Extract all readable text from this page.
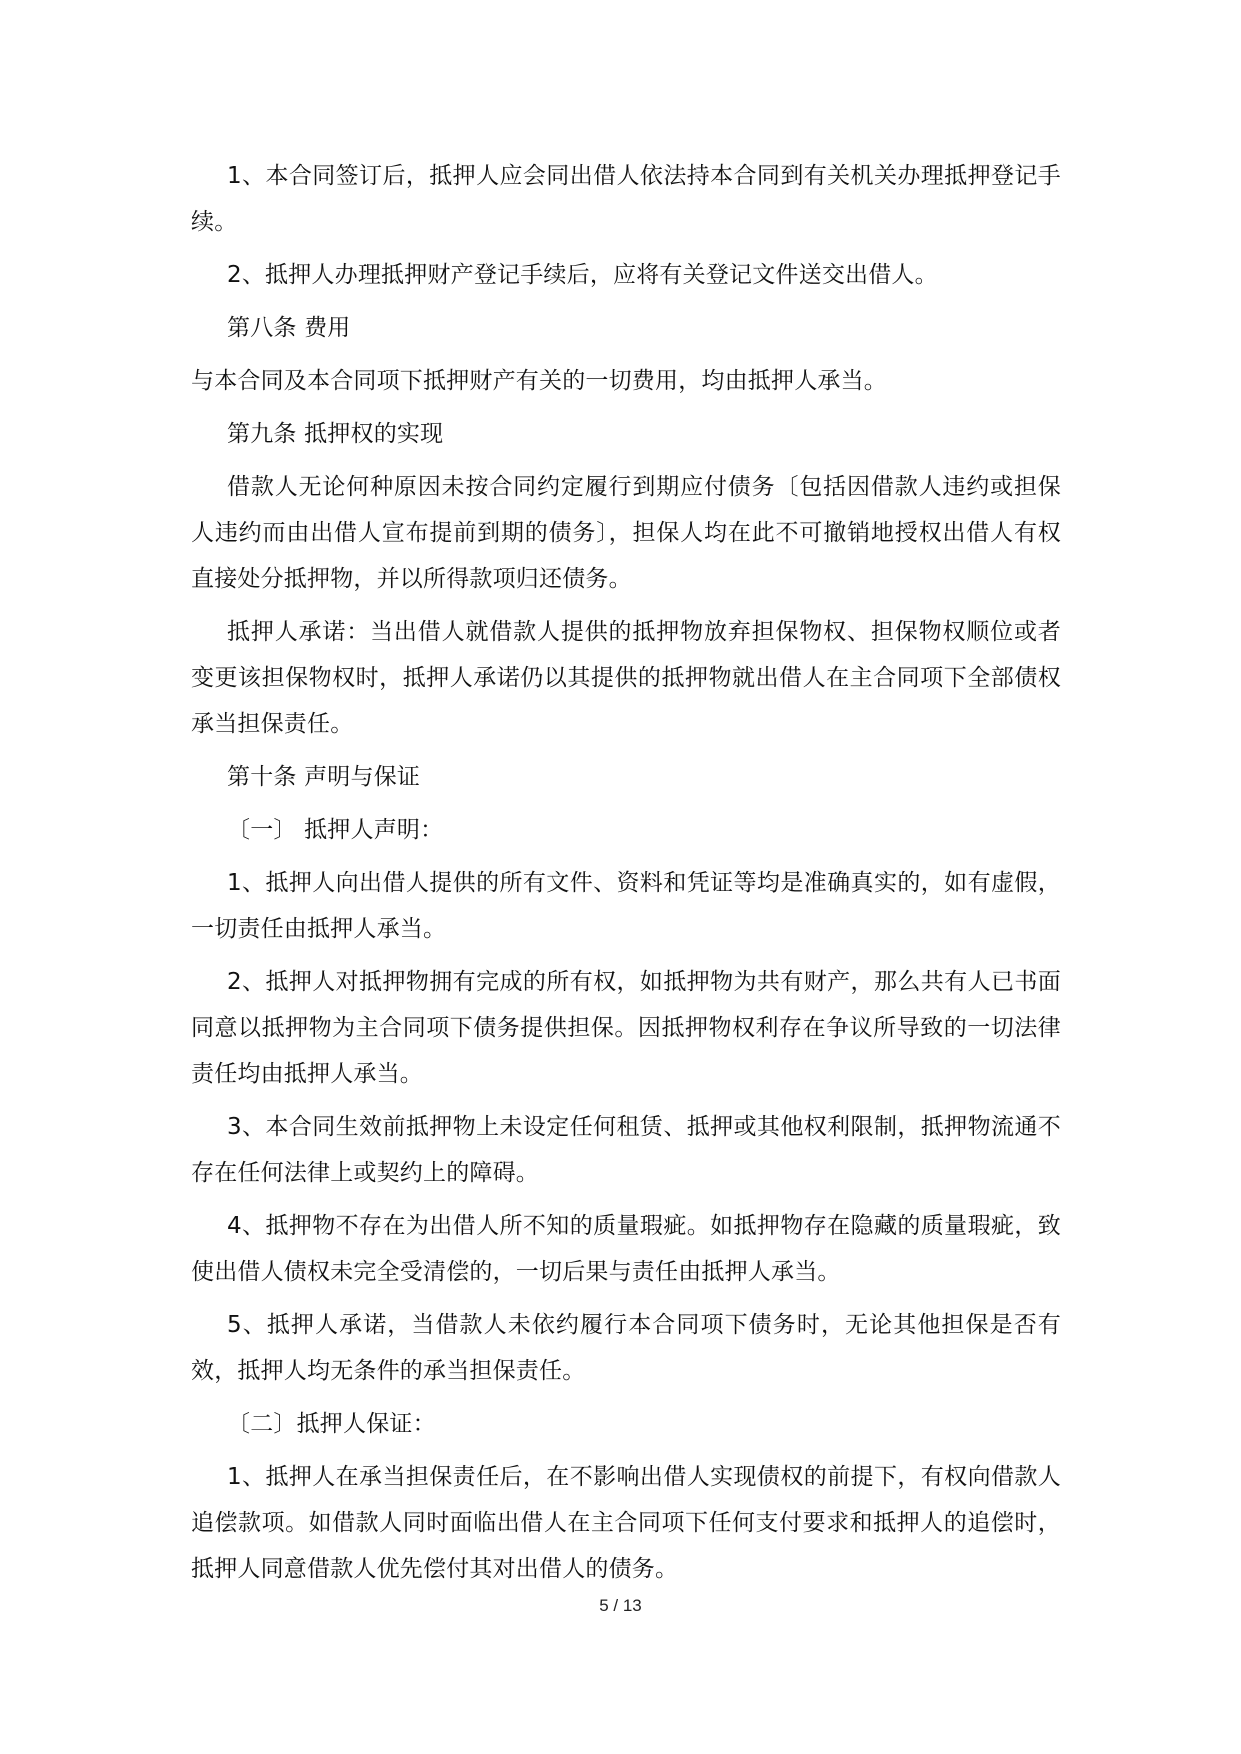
1、本合同签订后，抵押人应会同出借人依法持本合同到有关机关办理抵押登记手续。

2、抵押人办理抵押财产登记手续后，应将有关登记文件送交出借人。

第八条 费用

与本合同及本合同项下抵押财产有关的一切费用，均由抵押人承当。

第九条 抵押权的实现

借款人无论何种原因未按合同约定履行到期应付债务〔包括因借款人违约或担保人违约而由出借人宣布提前到期的债务〕，担保人均在此不可撤销地授权出借人有权直接处分抵押物，并以所得款项归还债务。

抵押人承诺：当出借人就借款人提供的抵押物放弃担保物权、担保物权顺位或者变更该担保物权时，抵押人承诺仍以其提供的抵押物就出借人在主合同项下全部债权承当担保责任。

第十条 声明与保证

〔一〕 抵押人声明：

1、抵押人向出借人提供的所有文件、资料和凭证等均是准确真实的，如有虚假，一切责任由抵押人承当。

2、抵押人对抵押物拥有完成的所有权，如抵押物为共有财产，那么共有人已书面同意以抵押物为主合同项下债务提供担保。因抵押物权利存在争议所导致的一切法律责任均由抵押人承当。

3、本合同生效前抵押物上未设定任何租赁、抵押或其他权利限制，抵押物流通不存在任何法律上或契约上的障碍。

4、抵押物不存在为出借人所不知的质量瑕疵。如抵押物存在隐藏的质量瑕疵，致使出借人债权未完全受清偿的，一切后果与责任由抵押人承当。

5、抵押人承诺，当借款人未依约履行本合同项下债务时，无论其他担保是否有效，抵押人均无条件的承当担保责任。

〔二〕抵押人保证：

1、抵押人在承当担保责任后，在不影响出借人实现债权的前提下，有权向借款人追偿款项。如借款人同时面临出借人在主合同项下任何支付要求和抵押人的追偿时，抵押人同意借款人优先偿付其对出借人的债务。

5 / 13
